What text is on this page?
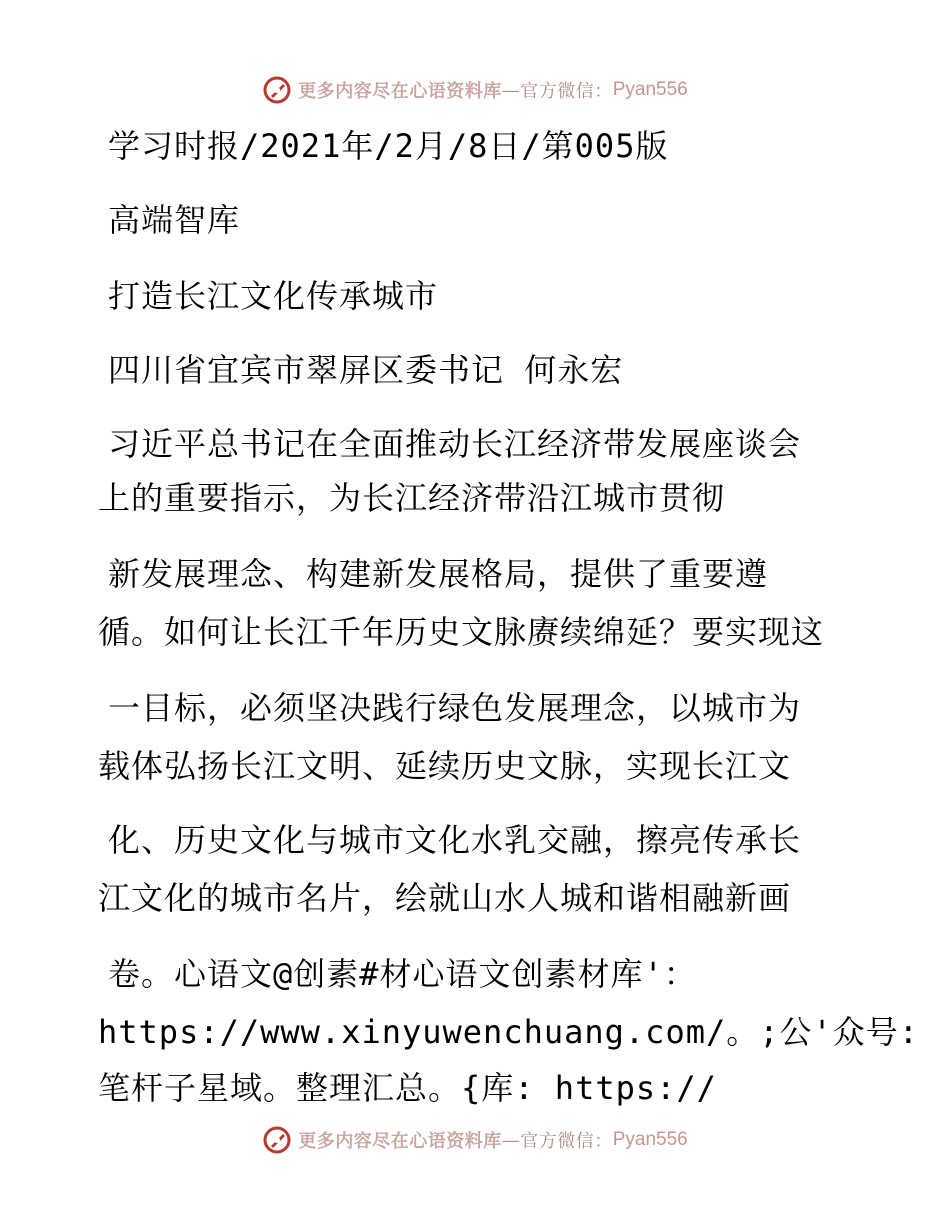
更多内容尽在心语资料库 — 官方微信： Pyan556
学习时报/2021年/2月/8日/第005版
高端智库
打造长江文化传承城市
四川省宜宾市翠屏区委书记 何永宏
习近平总书记在全面推动长江经济带发展座谈会
上的重要指示，为长江经济带沿江城市贯彻
新发展理念、构建新发展格局，提供了重要遵
循。如何让长江千年历史文脉赓续绵延？要实现这
一目标，必须坚决践行绿色发展理念，以城市为
载体弘扬长江文明、延续历史文脉，实现长江文
化、历史文化与城市文化水乳交融，擦亮传承长
江文化的城市名片，绘就山水人城和谐相融新画
卷。心语文@创素#材心语文创素材库'：
https://www.xinyuwenchuang.com/。;公'众号:
笔杆子星域。整理汇总。{库: https://
更多内容尽在心语资料库 — 官方微信： Pyan556
